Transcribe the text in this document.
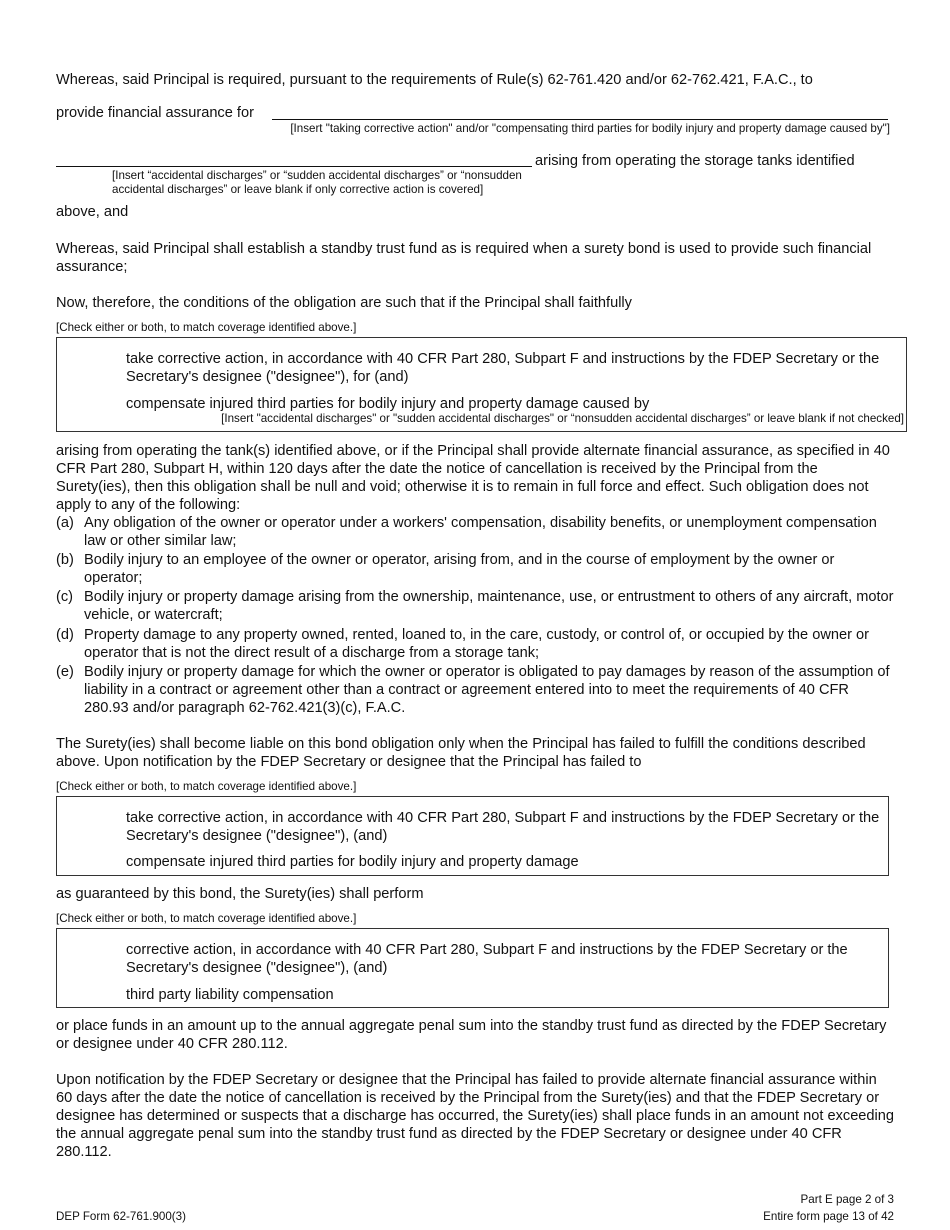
Whereas, said Principal is required, pursuant to the requirements of Rule(s) 62-761.420 and/or 62-762.421, F.A.C., to
provide financial assurance for
[Insert "taking corrective action" and/or "compensating third parties for bodily injury and property damage caused by"]
arising from operating the storage tanks identified
[Insert “accidental discharges” or “sudden accidental discharges” or “nonsudden
accidental discharges” or leave blank if only corrective action is covered]
above, and
Whereas, said Principal shall establish a standby trust fund as is required when a surety bond is used to provide such financial assurance;
Now, therefore, the conditions of the obligation are such that if the Principal shall faithfully
[Check either or both, to match coverage identified above.]
take corrective action, in accordance with 40 CFR Part 280, Subpart F and instructions by the FDEP Secretary or the Secretary's designee ("designee"), for (and)
compensate injured third parties for bodily injury and property damage caused by
[Insert "accidental discharges" or "sudden accidental discharges" or “nonsudden accidental discharges” or leave blank if not checked]
arising from operating the tank(s) identified above, or if the Principal shall provide alternate financial assurance, as specified in 40 CFR Part 280, Subpart H, within 120 days after the date the notice of cancellation is received by the Principal from the Surety(ies), then this obligation shall be null and void; otherwise it is to remain in full force and effect. Such obligation does not apply to any of the following:
(a) Any obligation of the owner or operator under a workers' compensation, disability benefits, or unemployment compensation law or other similar law;
(b) Bodily injury to an employee of the owner or operator, arising from, and in the course of employment by the owner or operator;
(c) Bodily injury or property damage arising from the ownership, maintenance, use, or entrustment to others of any aircraft, motor vehicle, or watercraft;
(d) Property damage to any property owned, rented, loaned to, in the care, custody, or control of, or occupied by the owner or operator that is not the direct result of a discharge from a storage tank;
(e) Bodily injury or property damage for which the owner or operator is obligated to pay damages by reason of the assumption of liability in a contract or agreement other than a contract or agreement entered into to meet the requirements of 40 CFR 280.93 and/or paragraph 62-762.421(3)(c), F.A.C.
The Surety(ies) shall become liable on this bond obligation only when the Principal has failed to fulfill the conditions described above. Upon notification by the FDEP Secretary or designee that the Principal has failed to
[Check either or both, to match coverage identified above.]
take corrective action, in accordance with 40 CFR Part 280, Subpart F and instructions by the FDEP Secretary or the Secretary's designee ("designee"), (and)
compensate injured third parties for bodily injury and property damage
as guaranteed by this bond, the Surety(ies) shall perform
[Check either or both, to match coverage identified above.]
corrective action, in accordance with 40 CFR Part 280, Subpart F and instructions by the FDEP Secretary or the Secretary's designee ("designee"), (and)
third party liability compensation
or place funds in an amount up to the annual aggregate penal sum into the standby trust fund as directed by the FDEP Secretary or designee under 40 CFR 280.112.
Upon notification by the FDEP Secretary or designee that the Principal has failed to provide alternate financial assurance within 60 days after the date the notice of cancellation is received by the Principal from the Surety(ies) and that the FDEP Secretary or designee has determined or suspects that a discharge has occurred, the Surety(ies) shall place funds in an amount not exceeding the annual aggregate penal sum into the standby trust fund as directed by the FDEP Secretary or designee under 40 CFR 280.112.
DEP Form 62-761.900(3)
Part E page 2 of 3
Entire form page 13 of 42
